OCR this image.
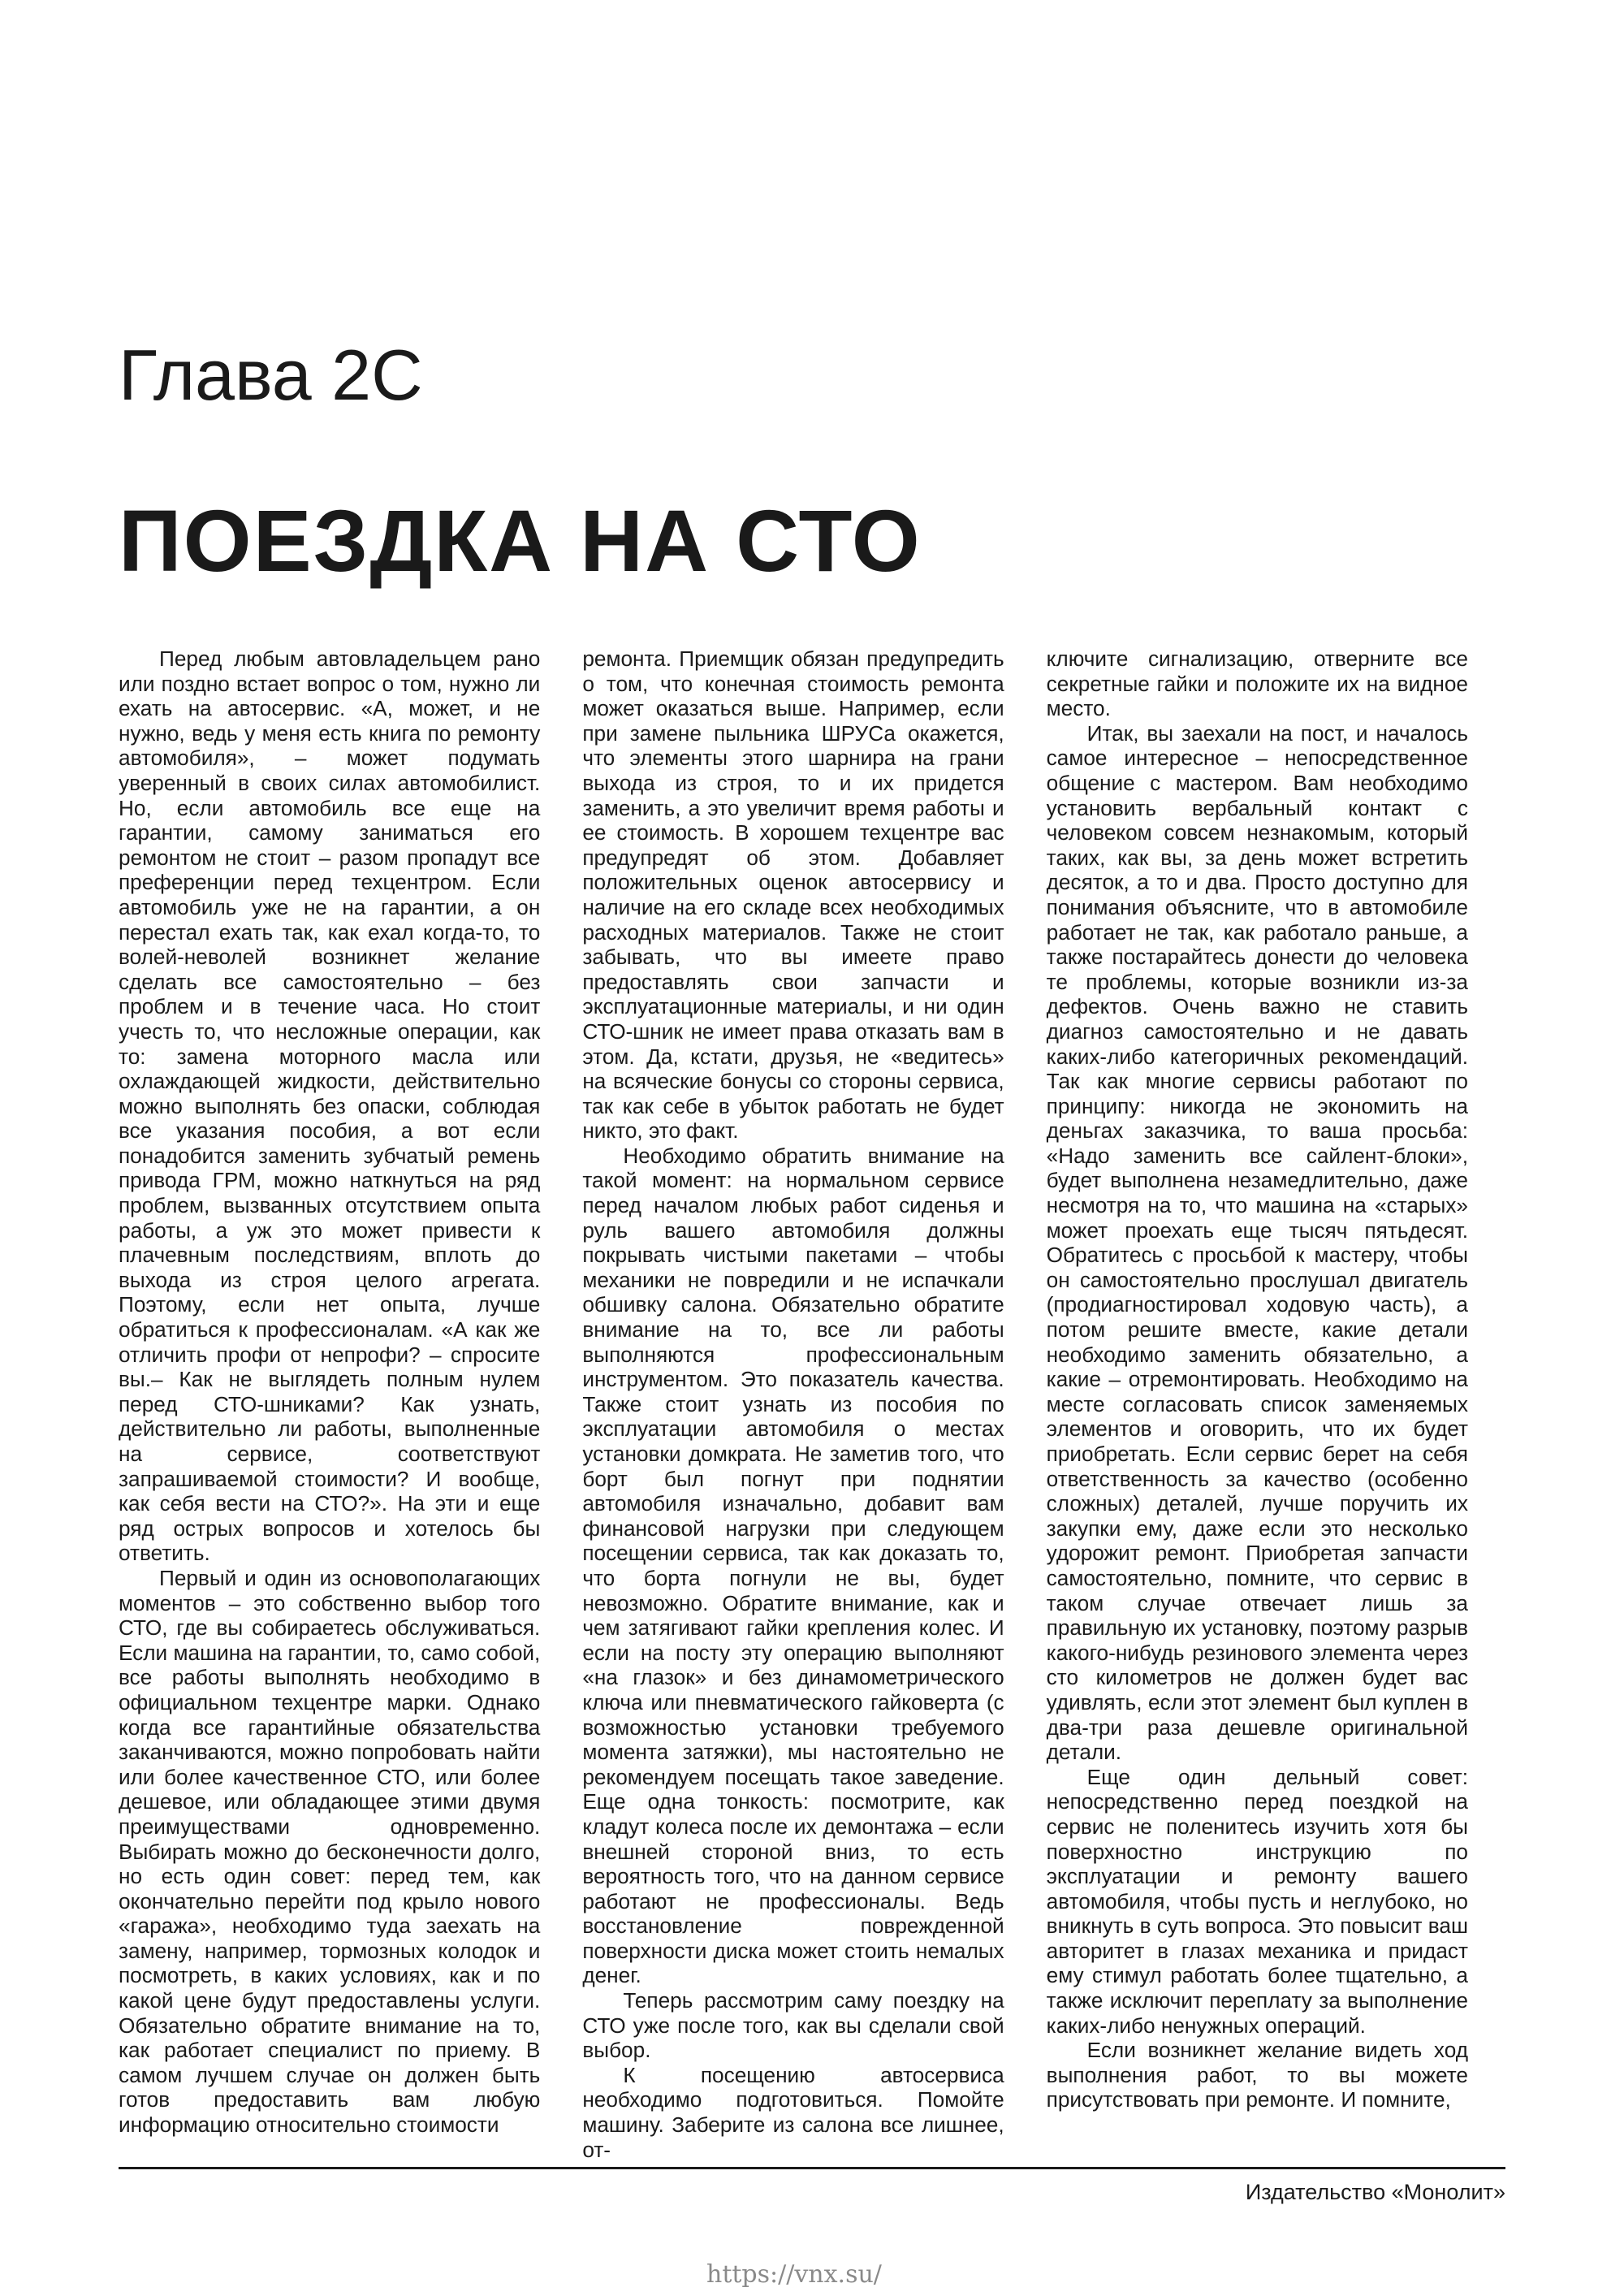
Глава 2С
ПОЕЗДКА НА СТО

Перед любым автовладельцем рано или поздно встает вопрос о том, нужно ли ехать на автосервис. «А, может, и не нужно, ведь у меня есть книга по ремонту автомобиля», – может подумать уверенный в своих силах автомобилист. Но, если автомобиль все еще на гарантии, самому заниматься его ремонтом не стоит – разом пропадут все преференции перед техцентром. Если автомобиль уже не на гарантии, а он перестал ехать так, как ехал когда-то, то волей-неволей возникнет желание сделать все самостоятельно – без проблем и в течение часа. Но стоит учесть то, что несложные операции, как то: замена моторного масла или охлаждающей жидкости, действительно можно выполнять без опаски, соблюдая все указания пособия, а вот если понадобится заменить зубчатый ремень привода ГРМ, можно наткнуться на ряд проблем, вызванных отсутствием опыта работы, а уж это может привести к плачевным последствиям, вплоть до выхода из строя целого агрегата. Поэтому, если нет опыта, лучше обратиться к профессионалам. «А как же отличить профи от непрофи? – спросите вы.– Как не выглядеть полным нулем перед СТО-шниками? Как узнать, действительно ли работы, выполненные на сервисе, соответствуют запрашиваемой стоимости? И вообще, как себя вести на СТО?». На эти и еще ряд острых вопросов и хотелось бы ответить.

Первый и один из основополагающих моментов – это собственно выбор того СТО, где вы собираетесь обслуживаться. Если машина на гарантии, то, само собой, все работы выполнять необходимо в официальном техцентре марки. Однако когда все гарантийные обязательства заканчиваются, можно попробовать найти или более качественное СТО, или более дешевое, или обладающее этими двумя преимуществами одновременно. Выбирать можно до бесконечности долго, но есть один совет: перед тем, как окончательно перейти под крыло нового «гаража», необходимо туда заехать на замену, например, тормозных колодок и посмотреть, в каких условиях, как и по какой цене будут предоставлены услуги. Обязательно обратите внимание на то, как работает специалист по приему. В самом лучшем случае он должен быть готов предоставить вам любую информацию относительно стоимости

ремонта. Приемщик обязан предупредить о том, что конечная стоимость ремонта может оказаться выше. Например, если при замене пыльника ШРУСа окажется, что элементы этого шарнира на грани выхода из строя, то и их придется заменить, а это увеличит время работы и ее стоимость. В хорошем техцентре вас предупредят об этом. Добавляет положительных оценок автосервису и наличие на его складе всех необходимых расходных материалов. Также не стоит забывать, что вы имеете право предоставлять свои запчасти и эксплуатационные материалы, и ни один СТО-шник не имеет права отказать вам в этом. Да, кстати, друзья, не «ведитесь» на всяческие бонусы со стороны сервиса, так как себе в убыток работать не будет никто, это факт.

Необходимо обратить внимание на такой момент: на нормальном сервисе перед началом любых работ сиденья и руль вашего автомобиля должны покрывать чистыми пакетами – чтобы механики не повредили и не испачкали обшивку салона. Обязательно обратите внимание на то, все ли работы выполняются профессиональным инструментом. Это показатель качества. Также стоит узнать из пособия по эксплуатации автомобиля о местах установки домкрата. Не заметив того, что борт был погнут при поднятии автомобиля изначально, добавит вам финансовой нагрузки при следующем посещении сервиса, так как доказать то, что борта погнули не вы, будет невозможно. Обратите внимание, как и чем затягивают гайки крепления колес. И если на посту эту операцию выполняют «на глазок» и без динамометрического ключа или пневматического гайковерта (с возможностью установки требуемого момента затяжки), мы настоятельно не рекомендуем посещать такое заведение. Еще одна тонкость: посмотрите, как кладут колеса после их демонтажа – если внешней стороной вниз, то есть вероятность того, что на данном сервисе работают не профессионалы. Ведь восстановление поврежденной поверхности диска может стоить немалых денег.

Теперь рассмотрим саму поездку на СТО уже после того, как вы сделали свой выбор.

К посещению автосервиса необходимо подготовиться. Помойте машину. Заберите из салона все лишнее, от-

ключите сигнализацию, отверните все секретные гайки и положите их на видное место.

Итак, вы заехали на пост, и началось самое интересное – непосредственное общение с мастером. Вам необходимо установить вербальный контакт с человеком совсем незнакомым, который таких, как вы, за день может встретить десяток, а то и два. Просто доступно для понимания объясните, что в автомобиле работает не так, как работало раньше, а также постарайтесь донести до человека те проблемы, которые возникли из-за дефектов. Очень важно не ставить диагноз самостоятельно и не давать каких-либо категоричных рекомендаций. Так как многие сервисы работают по принципу: никогда не экономить на деньгах заказчика, то ваша просьба: «Надо заменить все сайлент-блоки», будет выполнена незамедлительно, даже несмотря на то, что машина на «старых» может проехать еще тысяч пятьдесят. Обратитесь с просьбой к мастеру, чтобы он самостоятельно прослушал двигатель (продиагностировал ходовую часть), а потом решите вместе, какие детали необходимо заменить обязательно, а какие – отремонтировать. Необходимо на месте согласовать список заменяемых элементов и оговорить, что их будет приобретать. Если сервис берет на себя ответственность за качество (особенно сложных) деталей, лучше поручить их закупки ему, даже если это несколько удорожит ремонт. Приобретая запчасти самостоятельно, помните, что сервис в таком случае отвечает лишь за правильную их установку, поэтому разрыв какого-нибудь резинового элемента через сто километров не должен будет вас удивлять, если этот элемент был куплен в два-три раза дешевле оригинальной детали.

Еще один дельный совет: непосредственно перед поездкой на сервис не поленитесь изучить хотя бы поверхностно инструкцию по эксплуатации и ремонту вашего автомобиля, чтобы пусть и неглубоко, но вникнуть в суть вопроса. Это повысит ваш авторитет в глазах механика и придаст ему стимул работать более тщательно, а также исключит переплату за выполнение каких-либо ненужных операций.

Если возникнет желание видеть ход выполнения работ, то вы можете присутствовать при ремонте. И помните,

Издательство «Монолит»

https://vnx.su/
